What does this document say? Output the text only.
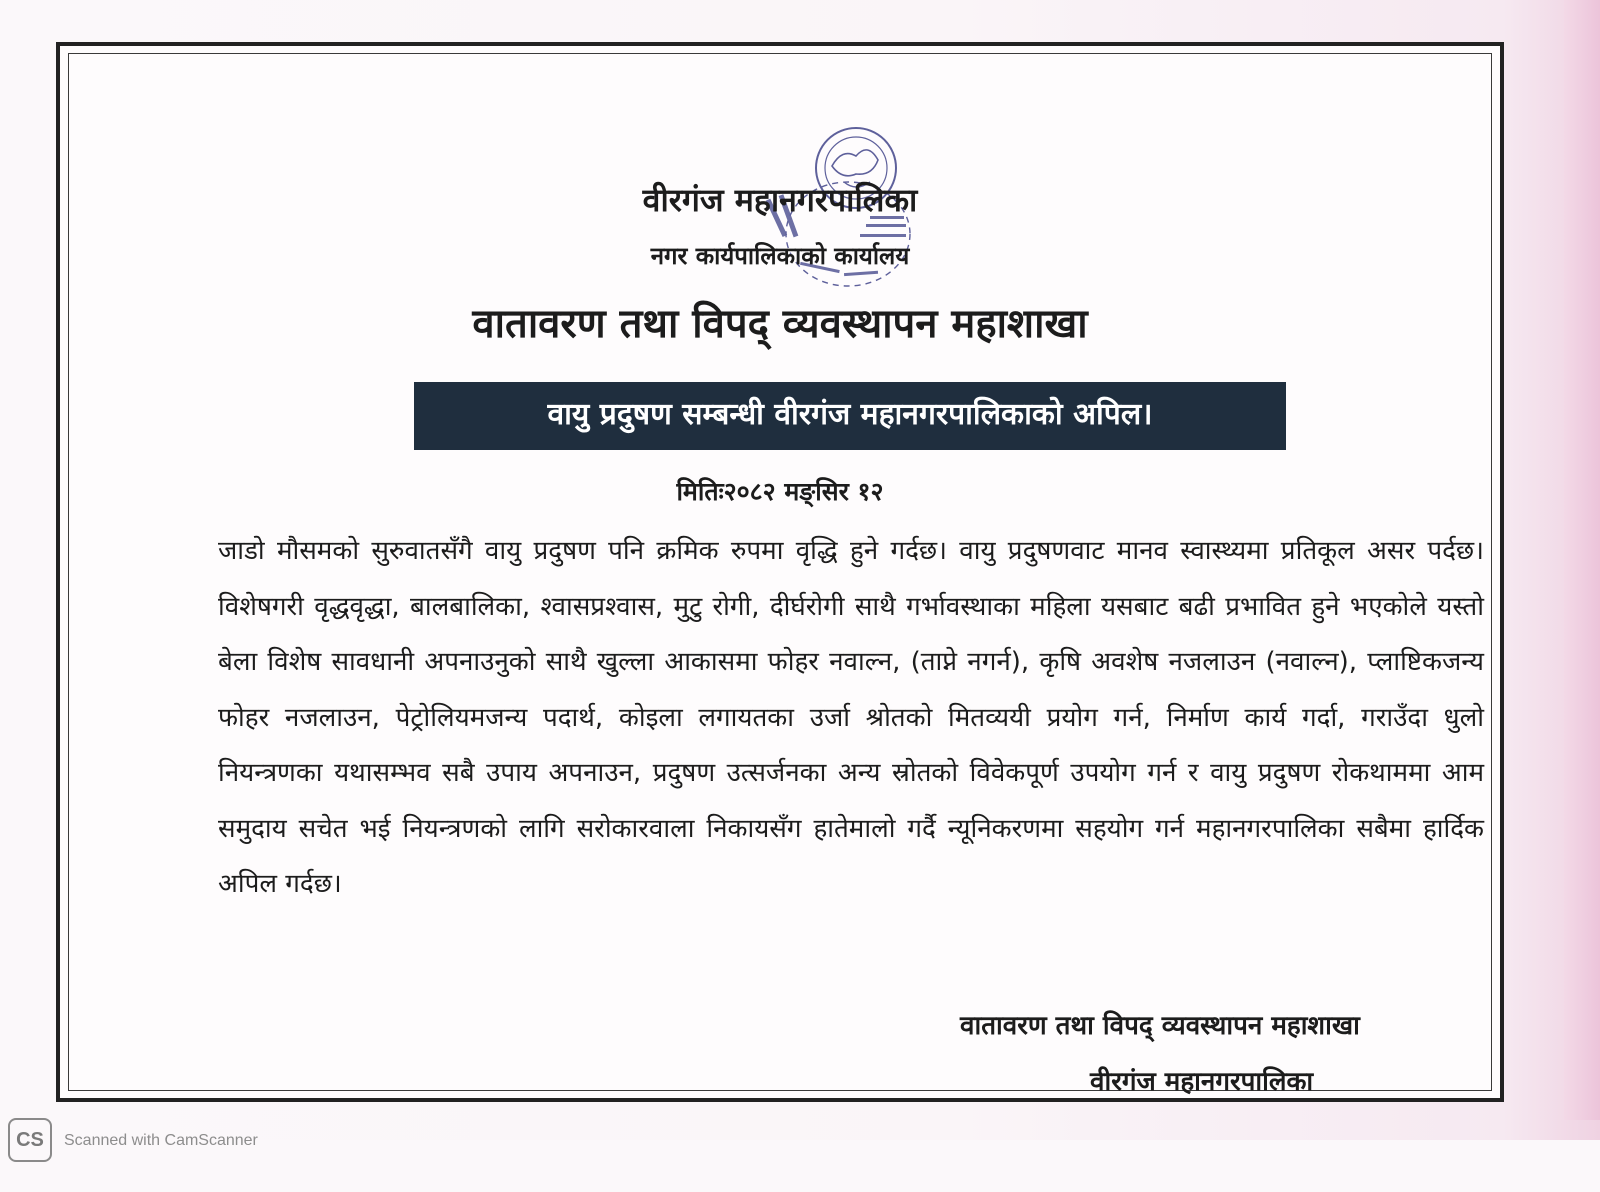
वीरगंज महानगरपालिका
नगर कार्यपालिकाको कार्यालय
वातावरण तथा विपद् व्यवस्थापन महाशाखा
वायु प्रदुषण सम्बन्धी वीरगंज महानगरपालिकाको अपिल।
मितिः२०८२ मङ्सिर १२
जाडो मौसमको सुरुवातसँगै वायु प्रदुषण पनि क्रमिक रुपमा वृद्धि हुने गर्दछ। वायु प्रदुषणवाट मानव स्वास्थ्यमा प्रतिकूल असर पर्दछ। विशेषगरी वृद्धवृद्धा, बालबालिका, श्वासप्रश्वास, मुटु रोगी, दीर्घरोगी साथै गर्भावस्थाका महिला यसबाट बढी प्रभावित हुने भएकोले यस्तो बेला विशेष सावधानी अपनाउनुको साथै खुल्ला आकासमा फोहर नवाल्न, (ताप्ने नगर्न), कृषि अवशेष नजलाउन (नवाल्न), प्लाष्टिकजन्य फोहर नजलाउन, पेट्रोलियमजन्य पदार्थ, कोइला लगायतका उर्जा श्रोतको मितव्ययी प्रयोग गर्न, निर्माण कार्य गर्दा, गराउँदा धुलो नियन्त्रणका यथासम्भव सबै उपाय अपनाउन, प्रदुषण उत्सर्जनका अन्य स्रोतको विवेकपूर्ण उपयोग गर्न र वायु प्रदुषण रोकथाममा आम समुदाय सचेत भई नियन्त्रणको लागि सरोकारवाला निकायसँग हातेमालो गर्दै न्यूनिकरणमा सहयोग गर्न महानगरपालिका सबैमा हार्दिक अपिल गर्दछ।
वातावरण तथा विपद् व्यवस्थापन महाशाखा
वीरगंज महानगरपालिका
CS	Scanned with CamScanner
